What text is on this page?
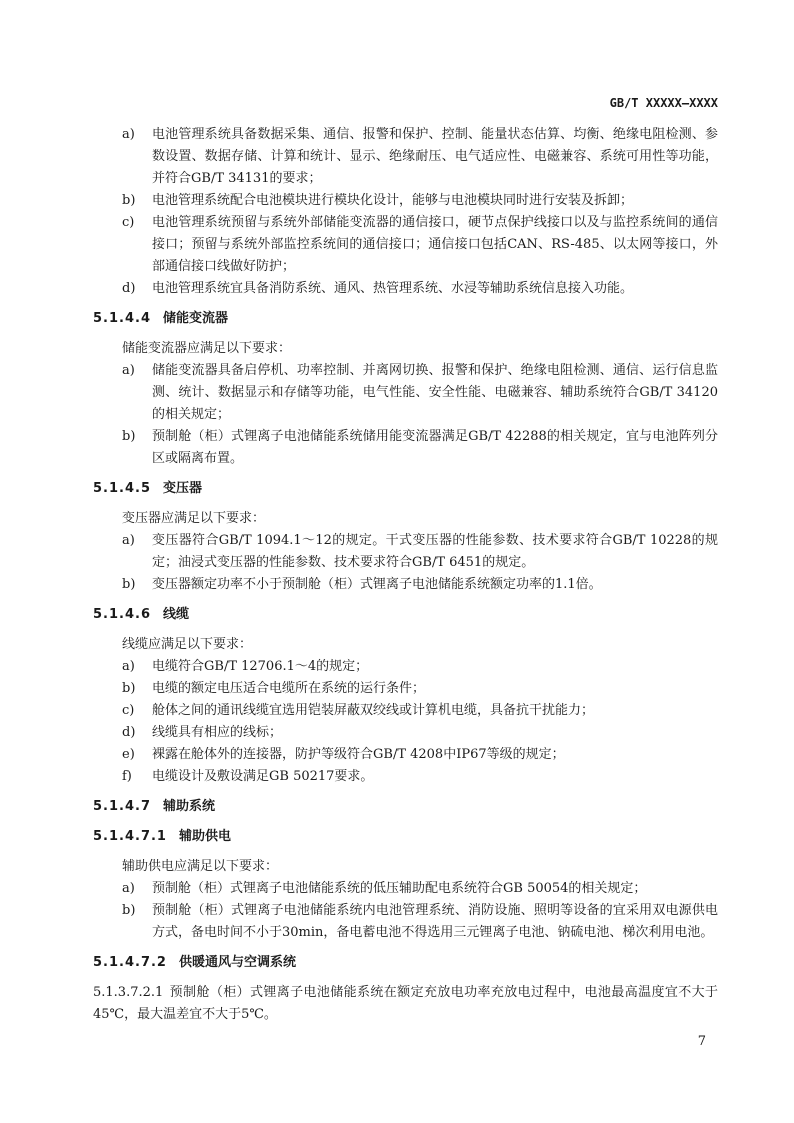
GB/T XXXXX—XXXX
a)	电池管理系统具备数据采集、通信、报警和保护、控制、能量状态估算、均衡、绝缘电阻检测、参数设置、数据存储、计算和统计、显示、绝缘耐压、电气适应性、电磁兼容、系统可用性等功能，并符合GB/T 34131的要求；
b)	电池管理系统配合电池模块进行模块化设计，能够与电池模块同时进行安装及拆卸；
c)	电池管理系统预留与系统外部储能变流器的通信接口，硬节点保护线接口以及与监控系统间的通信接口；预留与系统外部监控系统间的通信接口；通信接口包括CAN、RS-485、以太网等接口，外部通信接口线做好防护；
d)	电池管理系统宜具备消防系统、通风、热管理系统、水浸等辅助系统信息接入功能。
5.1.4.4 储能变流器
储能变流器应满足以下要求：
a)	储能变流器具备启停机、功率控制、并离网切换、报警和保护、绝缘电阻检测、通信、运行信息监测、统计、数据显示和存储等功能，电气性能、安全性能、电磁兼容、辅助系统符合GB/T 34120的相关规定；
b)	预制舱（柜）式锂离子电池储能系统储用能变流器满足GB/T 42288的相关规定，宜与电池阵列分区或隔离布置。
5.1.4.5 变压器
变压器应满足以下要求：
a)	变压器符合GB/T 1094.1～12的规定。干式变压器的性能参数、技术要求符合GB/T 10228的规定；油浸式变压器的性能参数、技术要求符合GB/T 6451的规定。
b)	变压器额定功率不小于预制舱（柜）式锂离子电池储能系统额定功率的1.1倍。
5.1.4.6 线缆
线缆应满足以下要求：
a)	电缆符合GB/T 12706.1～4的规定；
b)	电缆的额定电压适合电缆所在系统的运行条件；
c)	舱体之间的通讯线缆宜选用铠装屏蔽双绞线或计算机电缆，具备抗干扰能力；
d)	线缆具有相应的线标；
e)	裸露在舱体外的连接器，防护等级符合GB/T 4208中IP67等级的规定；
f)	电缆设计及敷设满足GB 50217要求。
5.1.4.7 辅助系统
5.1.4.7.1 辅助供电
辅助供电应满足以下要求：
a)	预制舱（柜）式锂离子电池储能系统的低压辅助配电系统符合GB 50054的相关规定；
b)	预制舱（柜）式锂离子电池储能系统内电池管理系统、消防设施、照明等设备的宜采用双电源供电方式，备电时间不小于30min，备电蓄电池不得选用三元锂离子电池、钠硫电池、梯次利用电池。
5.1.4.7.2 供暖通风与空调系统
5.1.3.7.2.1 预制舱（柜）式锂离子电池储能系统在额定充放电功率充放电过程中，电池最高温度宜不大于45℃，最大温差宜不大于5℃。
7
